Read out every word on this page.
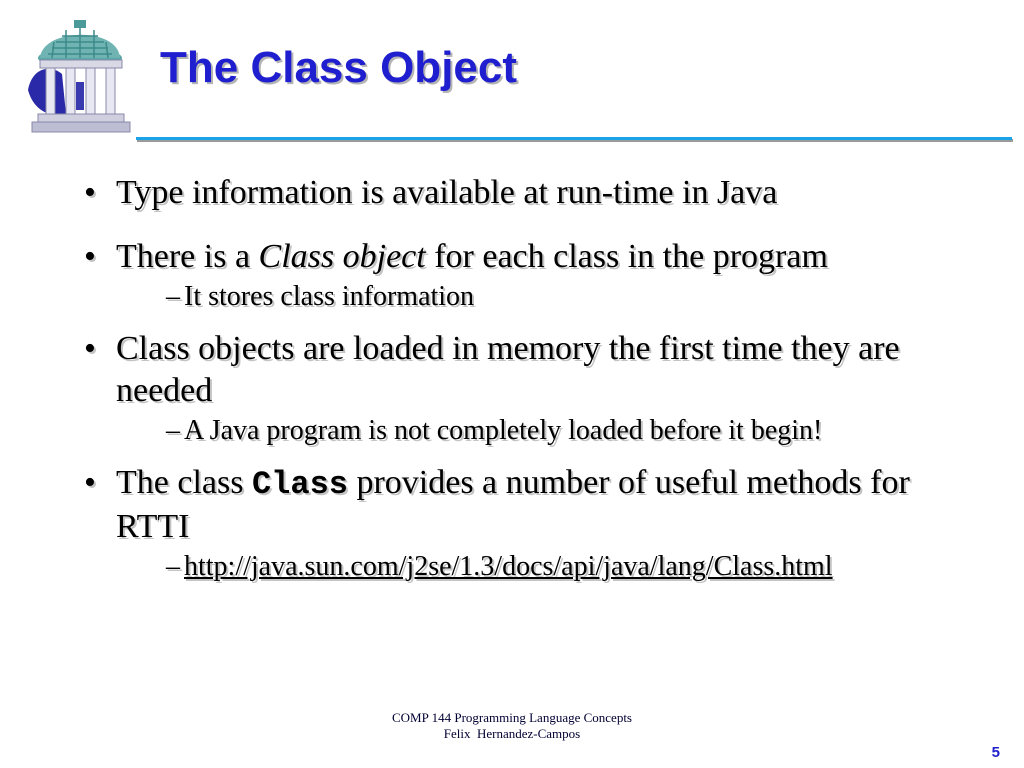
The Class Object
• Type information is available at run-time in Java
• There is a Class object for each class in the program
– It stores class information
• Class objects are loaded in memory the first time they are needed
– A Java program is not completely loaded before it begin!
• The class Class provides a number of useful methods for RTTI
– http://java.sun.com/j2se/1.3/docs/api/java/lang/Class.html
COMP 144 Programming Language Concepts
Felix  Hernandez-Campos
5
